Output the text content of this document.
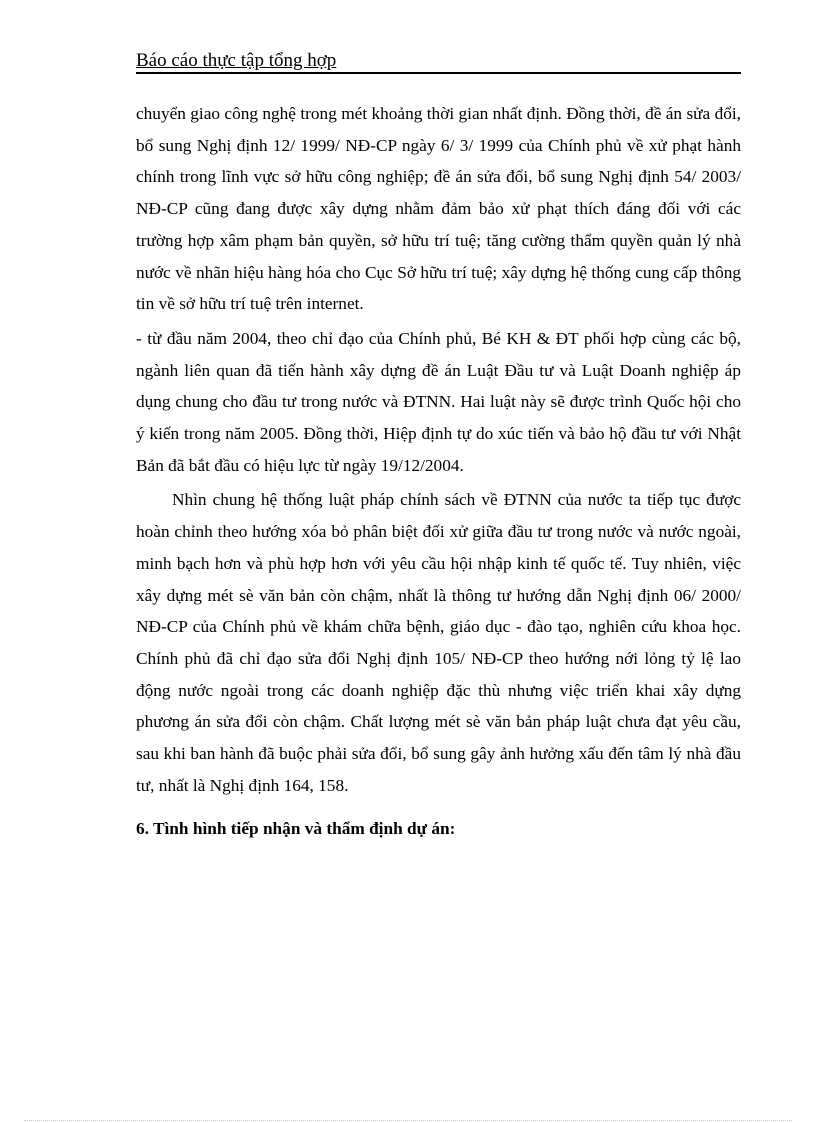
Báo cáo thực tập tổng hợp

chuyển giao công nghệ trong mét khoảng thời gian nhất định. Đồng thời, đề án sửa đổi, bổ sung Nghị định 12/ 1999/ NĐ-CP ngày 6/ 3/ 1999 của Chính phủ về xử phạt hành chính trong lĩnh vực sở hữu công nghiệp; đề án sửa đổi, bổ sung Nghị định 54/ 2003/ NĐ-CP cũng đang được xây dựng nhằm đảm bảo xử phạt thích đáng đối với các trường hợp xâm phạm bản quyền, sở hữu trí tuệ; tăng cường thẩm quyền quản lý nhà nước về nhãn hiệu hàng hóa cho Cục Sở hữu trí tuệ; xây dựng hệ thống cung cấp thông tin về sở hữu trí tuệ trên internet.

- từ đầu năm 2004, theo chỉ đạo của Chính phủ, Bé KH & ĐT phối hợp cùng các bộ, ngành liên quan đã tiến hành xây dựng đề án Luật Đầu tư và Luật Doanh nghiệp áp dụng chung cho đầu tư trong nước và ĐTNN. Hai luật này sẽ được trình Quốc hội cho ý kiến trong năm 2005. Đồng thời, Hiệp định tự do xúc tiến và bảo hộ đầu tư với Nhật Bản đã bắt đầu có hiệu lực từ ngày 19/12/2004.

Nhìn chung hệ thống luật pháp chính sách về ĐTNN của nước ta tiếp tục được hoàn chỉnh theo hướng xóa bỏ phân biệt đối xử giữa đầu tư trong nước và nước ngoài, minh bạch hơn và phù hợp hơn với yêu cầu hội nhập kinh tế quốc tế. Tuy nhiên, việc xây dựng mét sè văn bản còn chậm, nhất là thông tư hướng dẫn Nghị định 06/ 2000/ NĐ-CP của Chính phủ về khám chữa bệnh, giáo dục - đào tạo, nghiên cứu khoa học. Chính phủ đã chỉ đạo sửa đổi Nghị định 105/ NĐ-CP theo hướng nới lỏng tỷ lệ lao động nước ngoài trong các doanh nghiệp đặc thù nhưng việc triển khai xây dựng phương án sửa đổi còn chậm. Chất lượng mét sè văn bản pháp luật chưa đạt yêu cầu, sau khi ban hành đã buộc phải sửa đổi, bổ sung gây ảnh hưởng xấu đến tâm lý nhà đầu tư, nhất là Nghị định 164, 158.

6. Tình hình tiếp nhận và thẩm định dự án:
